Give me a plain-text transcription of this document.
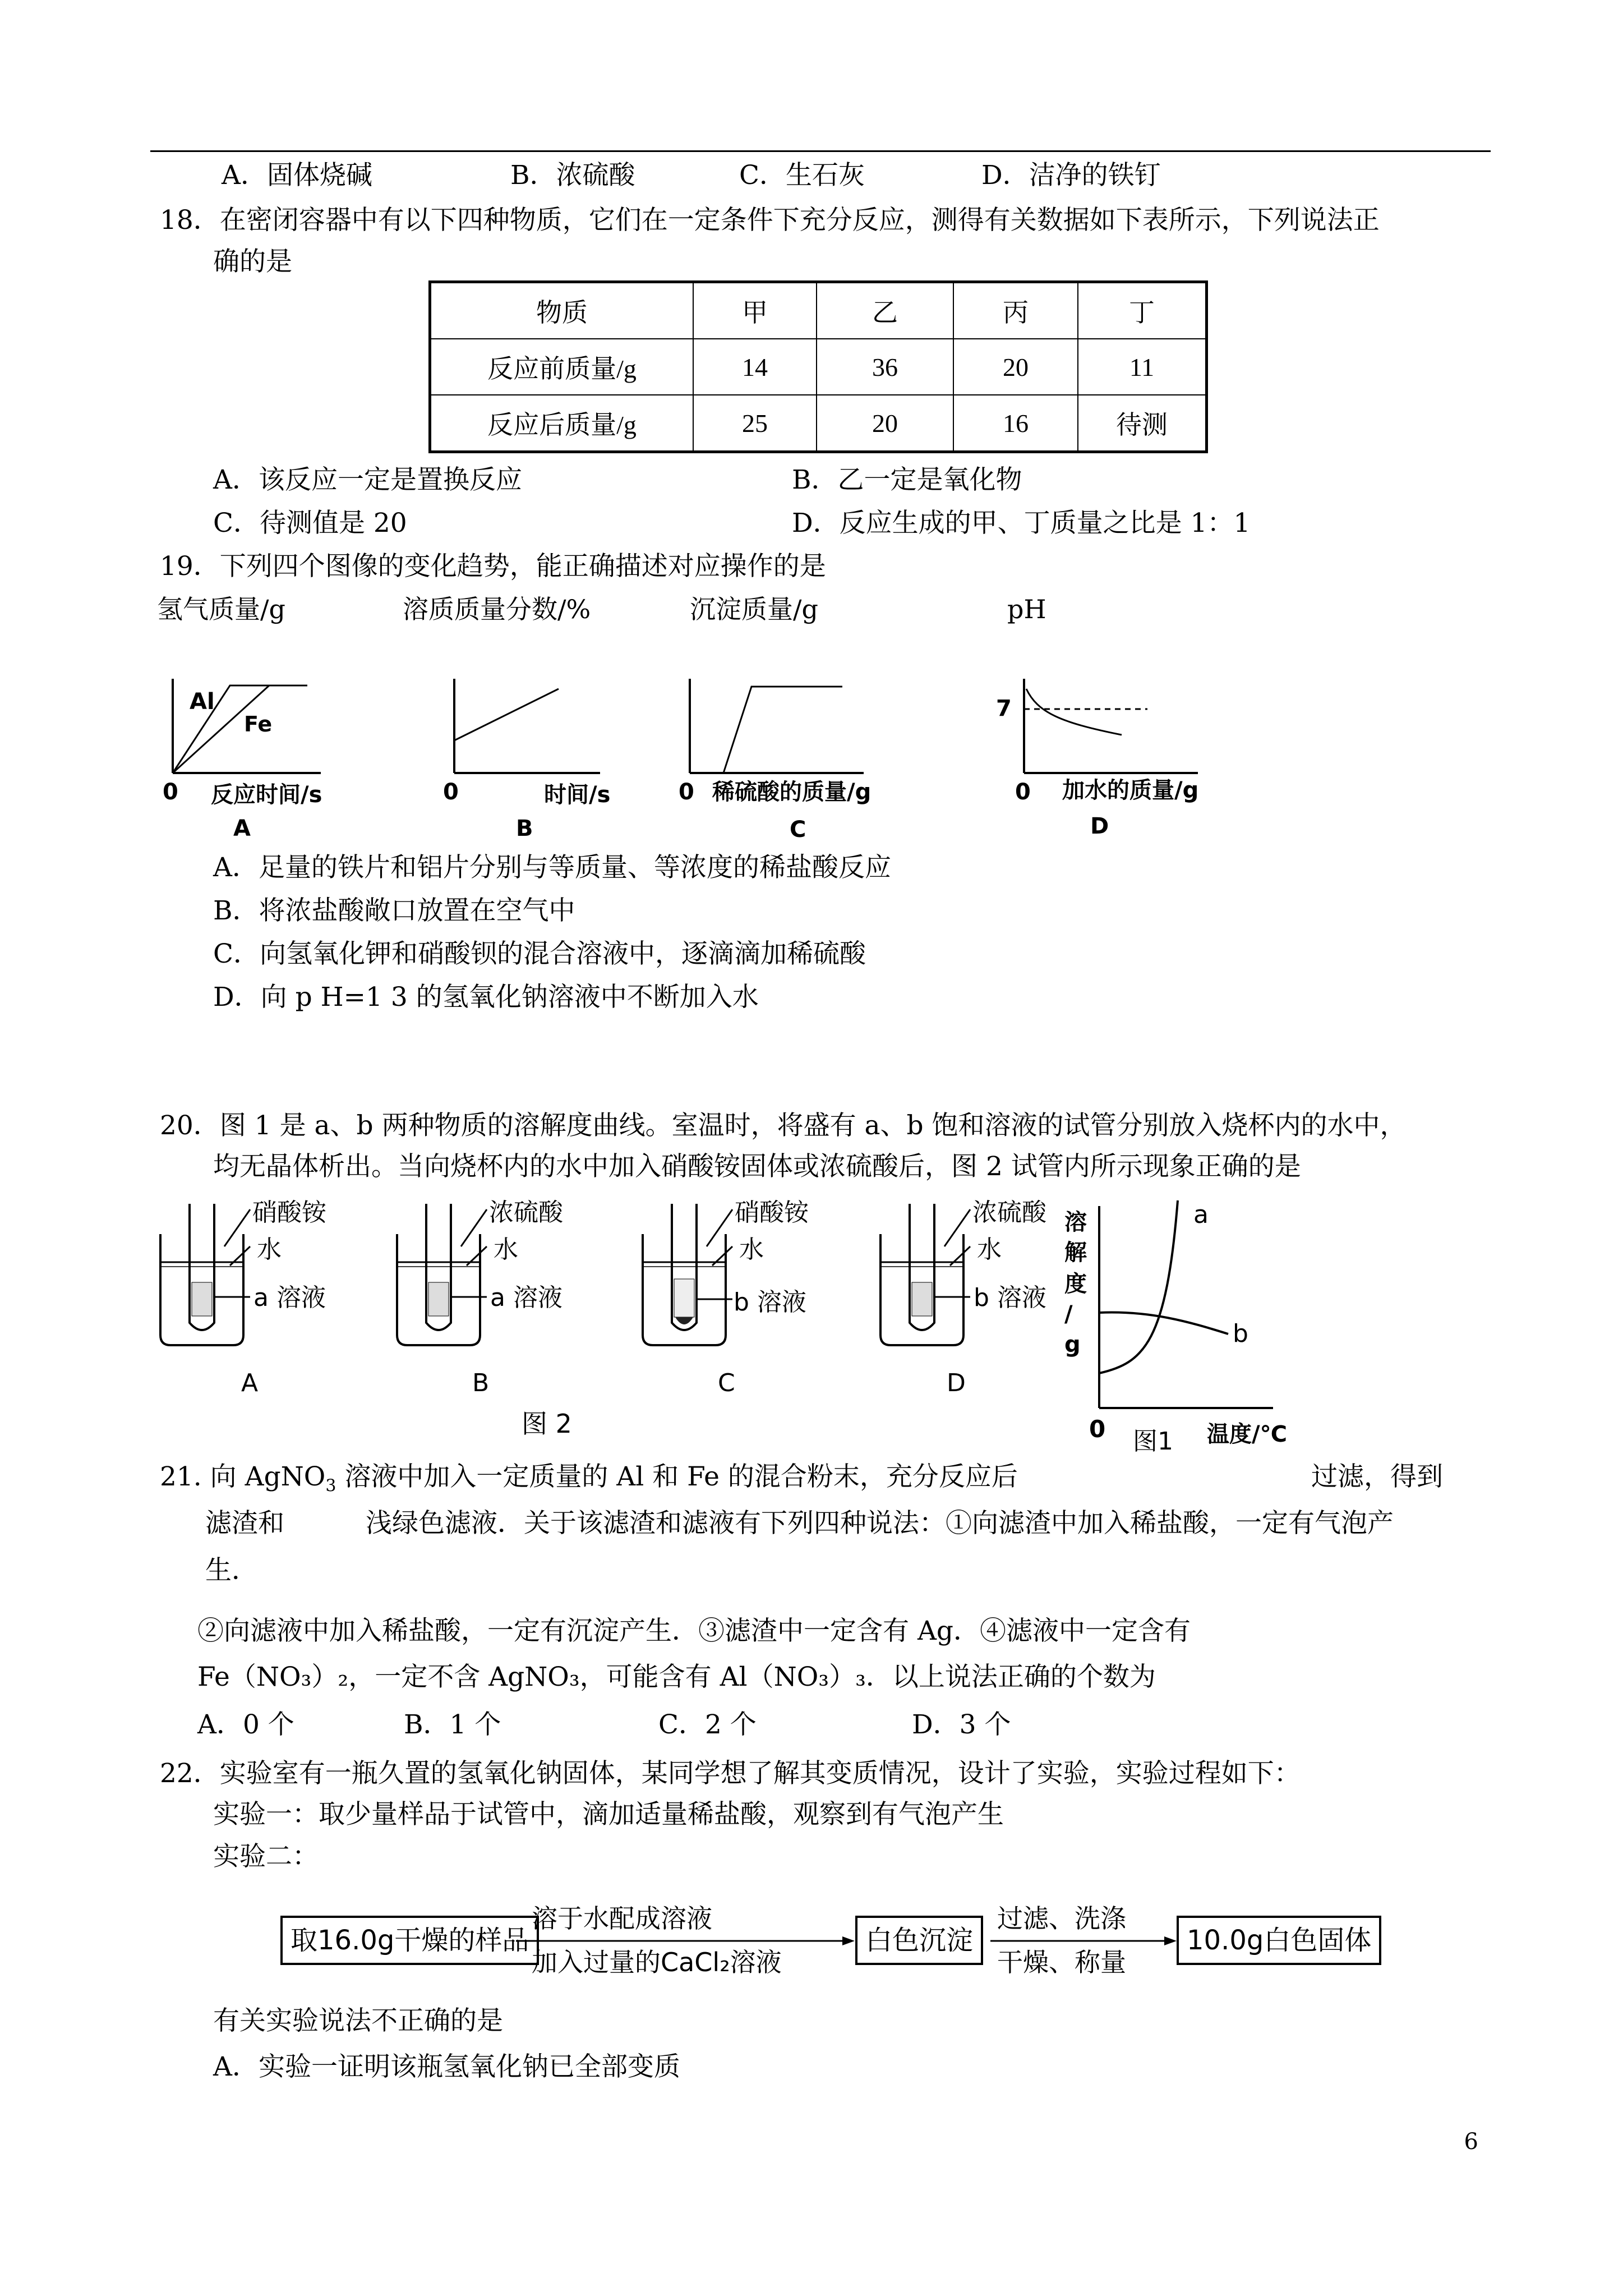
A．固体烧碱	B．浓硫酸	C．生石灰	D．洁净的铁钉
18．在密闭容器中有以下四种物质，它们在一定条件下充分反应，测得有关数据如下表所示，下列说法正
确的是
物质	甲	乙	丙	丁
反应前质量/g	14	36	20	11
反应后质量/g	25	20	16	待测
A．该反应一定是置换反应	B．乙一定是氧化物
C．待测值是 20	D．反应生成的甲、丁质量之比是 1：1
19．下列四个图像的变化趋势，能正确描述对应操作的是
氢气质量/g	溶质质量分数/%	沉淀质量/g	pH
Al
Fe
0 反应时间/s
A
0	时间/s
B
0 稀硫酸的质量/g
C
7
0 加水的质量/g
D
A．足量的铁片和铝片分别与等质量、等浓度的稀盐酸反应
B．将浓盐酸敞口放置在空气中
C．向氢氧化钾和硝酸钡的混合溶液中，逐滴滴加稀硫酸
D．向 p H=1 3 的氢氧化钠溶液中不断加入水
20．图 1 是 a、b 两种物质的溶解度曲线。室温时，将盛有 a、b 饱和溶液的试管分别放入烧杯内的水中，
均无晶体析出。当向烧杯内的水中加入硝酸铵固体或浓硫酸后，图 2 试管内所示现象正确的是
硝酸铵
水
a 溶液
A
浓硫酸
水
a 溶液
B
硝酸铵
水
b 溶液
C
浓硫酸
水
b 溶液
D
图 2
a
b
溶
解
度
/
g
0 图1 温度/℃
21. 向 AgNO$_3$ 溶液中加入一定质量的 Al 和 Fe 的混合粉末，充分反应后	过滤，得到
滤渣和	浅绿色滤液．关于该滤渣和滤液有下列四种说法：①向滤渣中加入稀盐酸，一定有气泡产
生．
②向滤液中加入稀盐酸，一定有沉淀产生．③滤渣中一定含有 Ag．④滤液中一定含有
Fe（NO₃）₂，一定不含 AgNO₃，可能含有 Al（NO₃）₃．以上说法正确的个数为
A．0 个	B．1 个	C．2 个	D．3 个
22．实验室有一瓶久置的氢氧化钠固体，某同学想了解其变质情况，设计了实验，实验过程如下：
实验一：取少量样品于试管中，滴加适量稀盐酸，观察到有气泡产生
实验二：
取16.0g干燥的样品	白色沉淀	10.0g白色固体
溶于水配成溶液
加入过量的CaCl₂溶液
过滤、洗涤
干燥、称量
有关实验说法不正确的是
A．实验一证明该瓶氢氧化钠已全部变质
6
